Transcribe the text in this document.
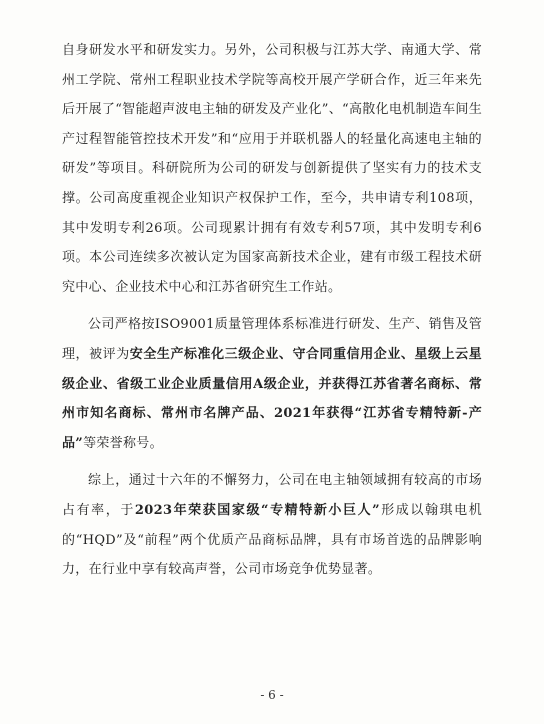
自身研发水平和研发实力。另外，公司积极与江苏大学、南通大学、常州工学院、常州工程职业技术学院等高校开展产学研合作，近三年来先后开展了“智能超声波电主轴的研发及产业化”、“高散化电机制造车间生产过程智能管控技术开发”和“应用于并联机器人的轻量化高速电主轴的研发”等项目。科研院所为公司的研发与创新提供了坚实有力的技术支撑。公司高度重视企业知识产权保护工作，至今，共申请专利108项，其中发明专利26项。公司现累计拥有有效专利57项，其中发明专利6项。本公司连续多次被认定为国家高新技术企业，建有市级工程技术研究中心、企业技术中心和江苏省研究生工作站。

公司严格按ISO9001质量管理体系标准进行研发、生产、销售及管理，被评为安全生产标准化三级企业、守合同重信用企业、星级上云星级企业、省级工业企业质量信用A级企业，并获得江苏省著名商标、常州市知名商标、常州市名牌产品、2021年获得“江苏省专精特新-产品”等荣誉称号。

综上，通过十六年的不懈努力，公司在电主轴领域拥有较高的市场占有率，于2023年荣获国家级“专精特新小巨人”形成以翰琪电机的“HQD”及“前程”两个优质产品商标品牌，具有市场首选的品牌影响力，在行业中享有较高声誉，公司市场竞争优势显著。

- 6 -
